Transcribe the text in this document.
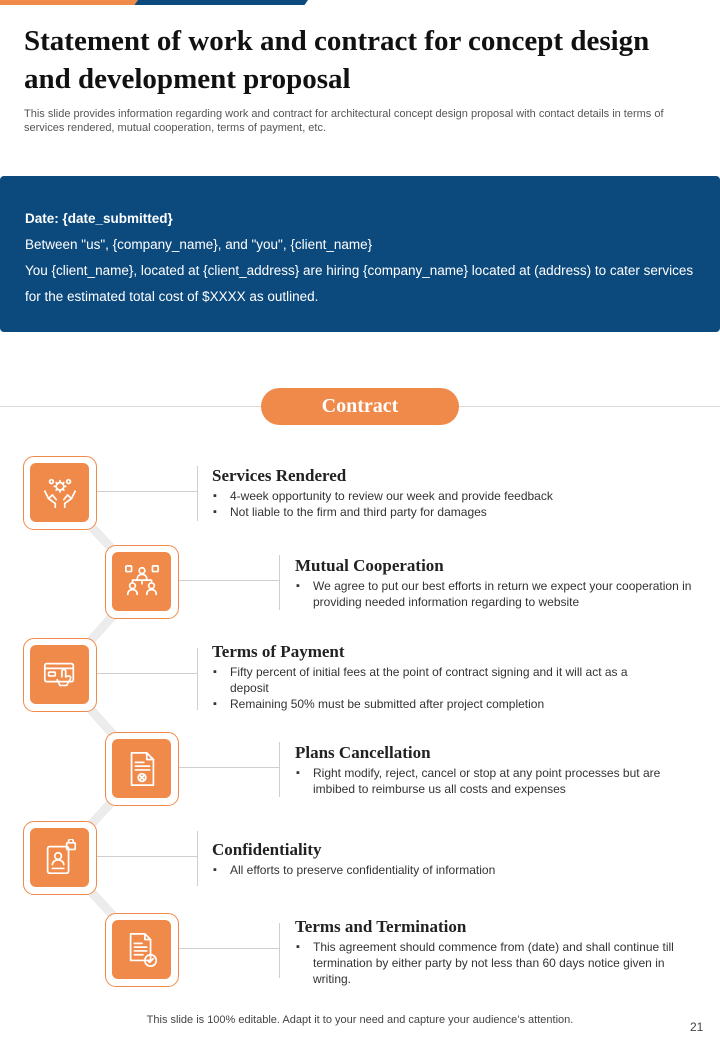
Statement of work and contract for concept design and development proposal

This slide provides information regarding work and contract for architectural concept design proposal with contact details in terms of services rendered, mutual cooperation, terms of payment, etc.

Date: {date_submitted}

Between "us", {company_name}, and "you", {client_name}

You {client_name}, located at {client_address} are hiring {company_name} located at (address) to cater services for the estimated total cost of $XXXX as outlined.

Contract
Services Rendered
▪ 4-week opportunity to review our week and provide feedback
▪ Not liable to the firm and third party for damages
Mutual Cooperation
▪ We agree to put our best efforts in return we expect your cooperation in providing needed information regarding to website
Terms of Payment
▪ Fifty percent of initial fees at the point of contract signing and it will act as a deposit
▪ Remaining 50% must be submitted after project completion
Plans Cancellation
▪ Right modify, reject, cancel or stop at any point processes but are imbibed to reimburse us all costs and expenses
Confidentiality
▪ All efforts to preserve confidentiality of information
Terms and Termination
▪ This agreement should commence from (date) and shall continue till termination by either party by not less than 60 days notice given in writing.
This slide is 100% editable. Adapt it to your need and capture your audience’s attention.	21
